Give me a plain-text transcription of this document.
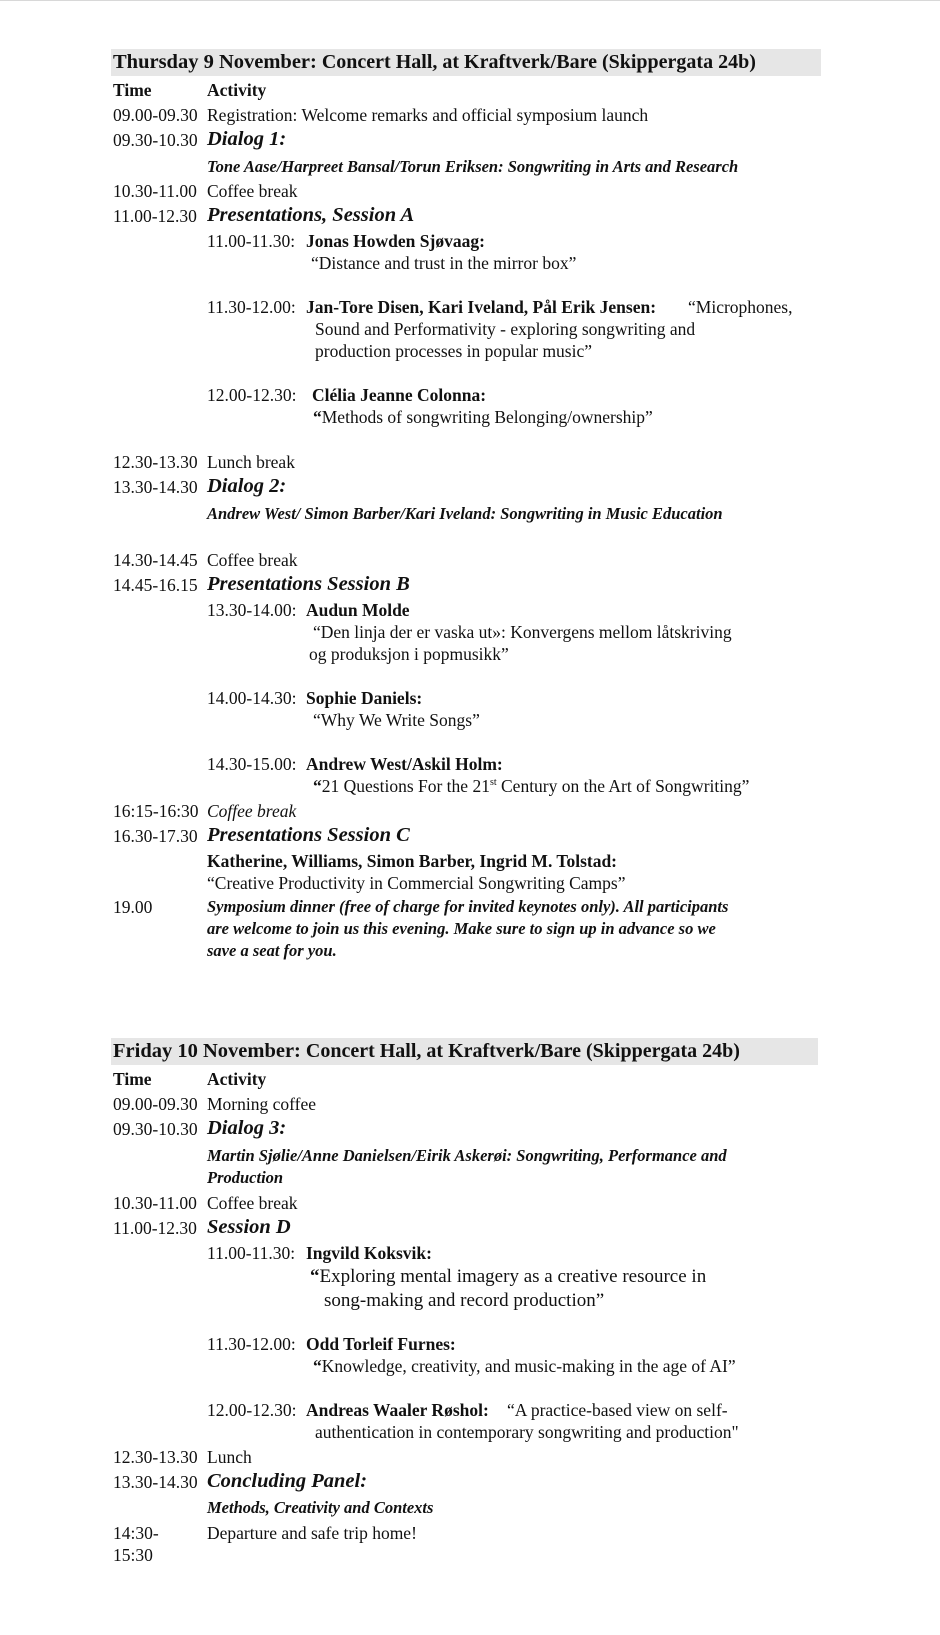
Thursday 9 November: Concert Hall, at Kraftverk/Bare (Skippergata 24b)
Time	Activity
09.00-09.30 Registration: Welcome remarks and official symposium launch
09.30-10.30 Dialog 1:
Tone Aase/Harpreet Bansal/Torun Eriksen: Songwriting in Arts and Research
10.30-11.00 Coffee break
11.00-12.30 Presentations, Session A
11.00-11.30: Jonas Howden Sjøvaag:
“Distance and trust in the mirror box”
11.30-12.00: Jan-Tore Disen, Kari Iveland, Pål Erik Jensen: “Microphones,
Sound and Performativity - exploring songwriting and
production processes in popular music”
12.00-12.30: Clélia Jeanne Colonna:
“Methods of songwriting Belonging/ownership”
12.30-13.30 Lunch break
13.30-14.30 Dialog 2:
Andrew West/ Simon Barber/Kari Iveland: Songwriting in Music Education
14.30-14.45 Coffee break
14.45-16.15 Presentations Session B
13.30-14.00: Audun Molde
“Den linja der er vaska ut»: Konvergens mellom låtskriving
og produksjon i popmusikk”
14.00-14.30: Sophie Daniels:
“Why We Write Songs”
14.30-15.00: Andrew West/Askil Holm:
“21 Questions For the 21st Century on the Art of Songwriting”
16:15-16:30 Coffee break
16.30-17.30 Presentations Session C
Katherine, Williams, Simon Barber, Ingrid M. Tolstad:
“Creative Productivity in Commercial Songwriting Camps”
19.00	Symposium dinner (free of charge for invited keynotes only). All participants
are welcome to join us this evening. Make sure to sign up in advance so we
save a seat for you.
Friday 10 November: Concert Hall, at Kraftverk/Bare (Skippergata 24b)
Time	Activity
09.00-09.30 Morning coffee
09.30-10.30 Dialog 3:
Martin Sjølie/Anne Danielsen/Eirik Askerøi: Songwriting, Performance and
Production
10.30-11.00 Coffee break
11.00-12.30 Session D
11.00-11.30: Ingvild Koksvik:
“Exploring mental imagery as a creative resource in
song-making and record production”
11.30-12.00: Odd Torleif Furnes:
“Knowledge, creativity, and music-making in the age of AI”
12.00-12.30: Andreas Waaler Røshol: “A practice-based view on self-
authentication in contemporary songwriting and production"
12.30-13.30 Lunch
13.30-14.30 Concluding Panel:
Methods, Creativity and Contexts
14:30-
15:30
Departure and safe trip home!
